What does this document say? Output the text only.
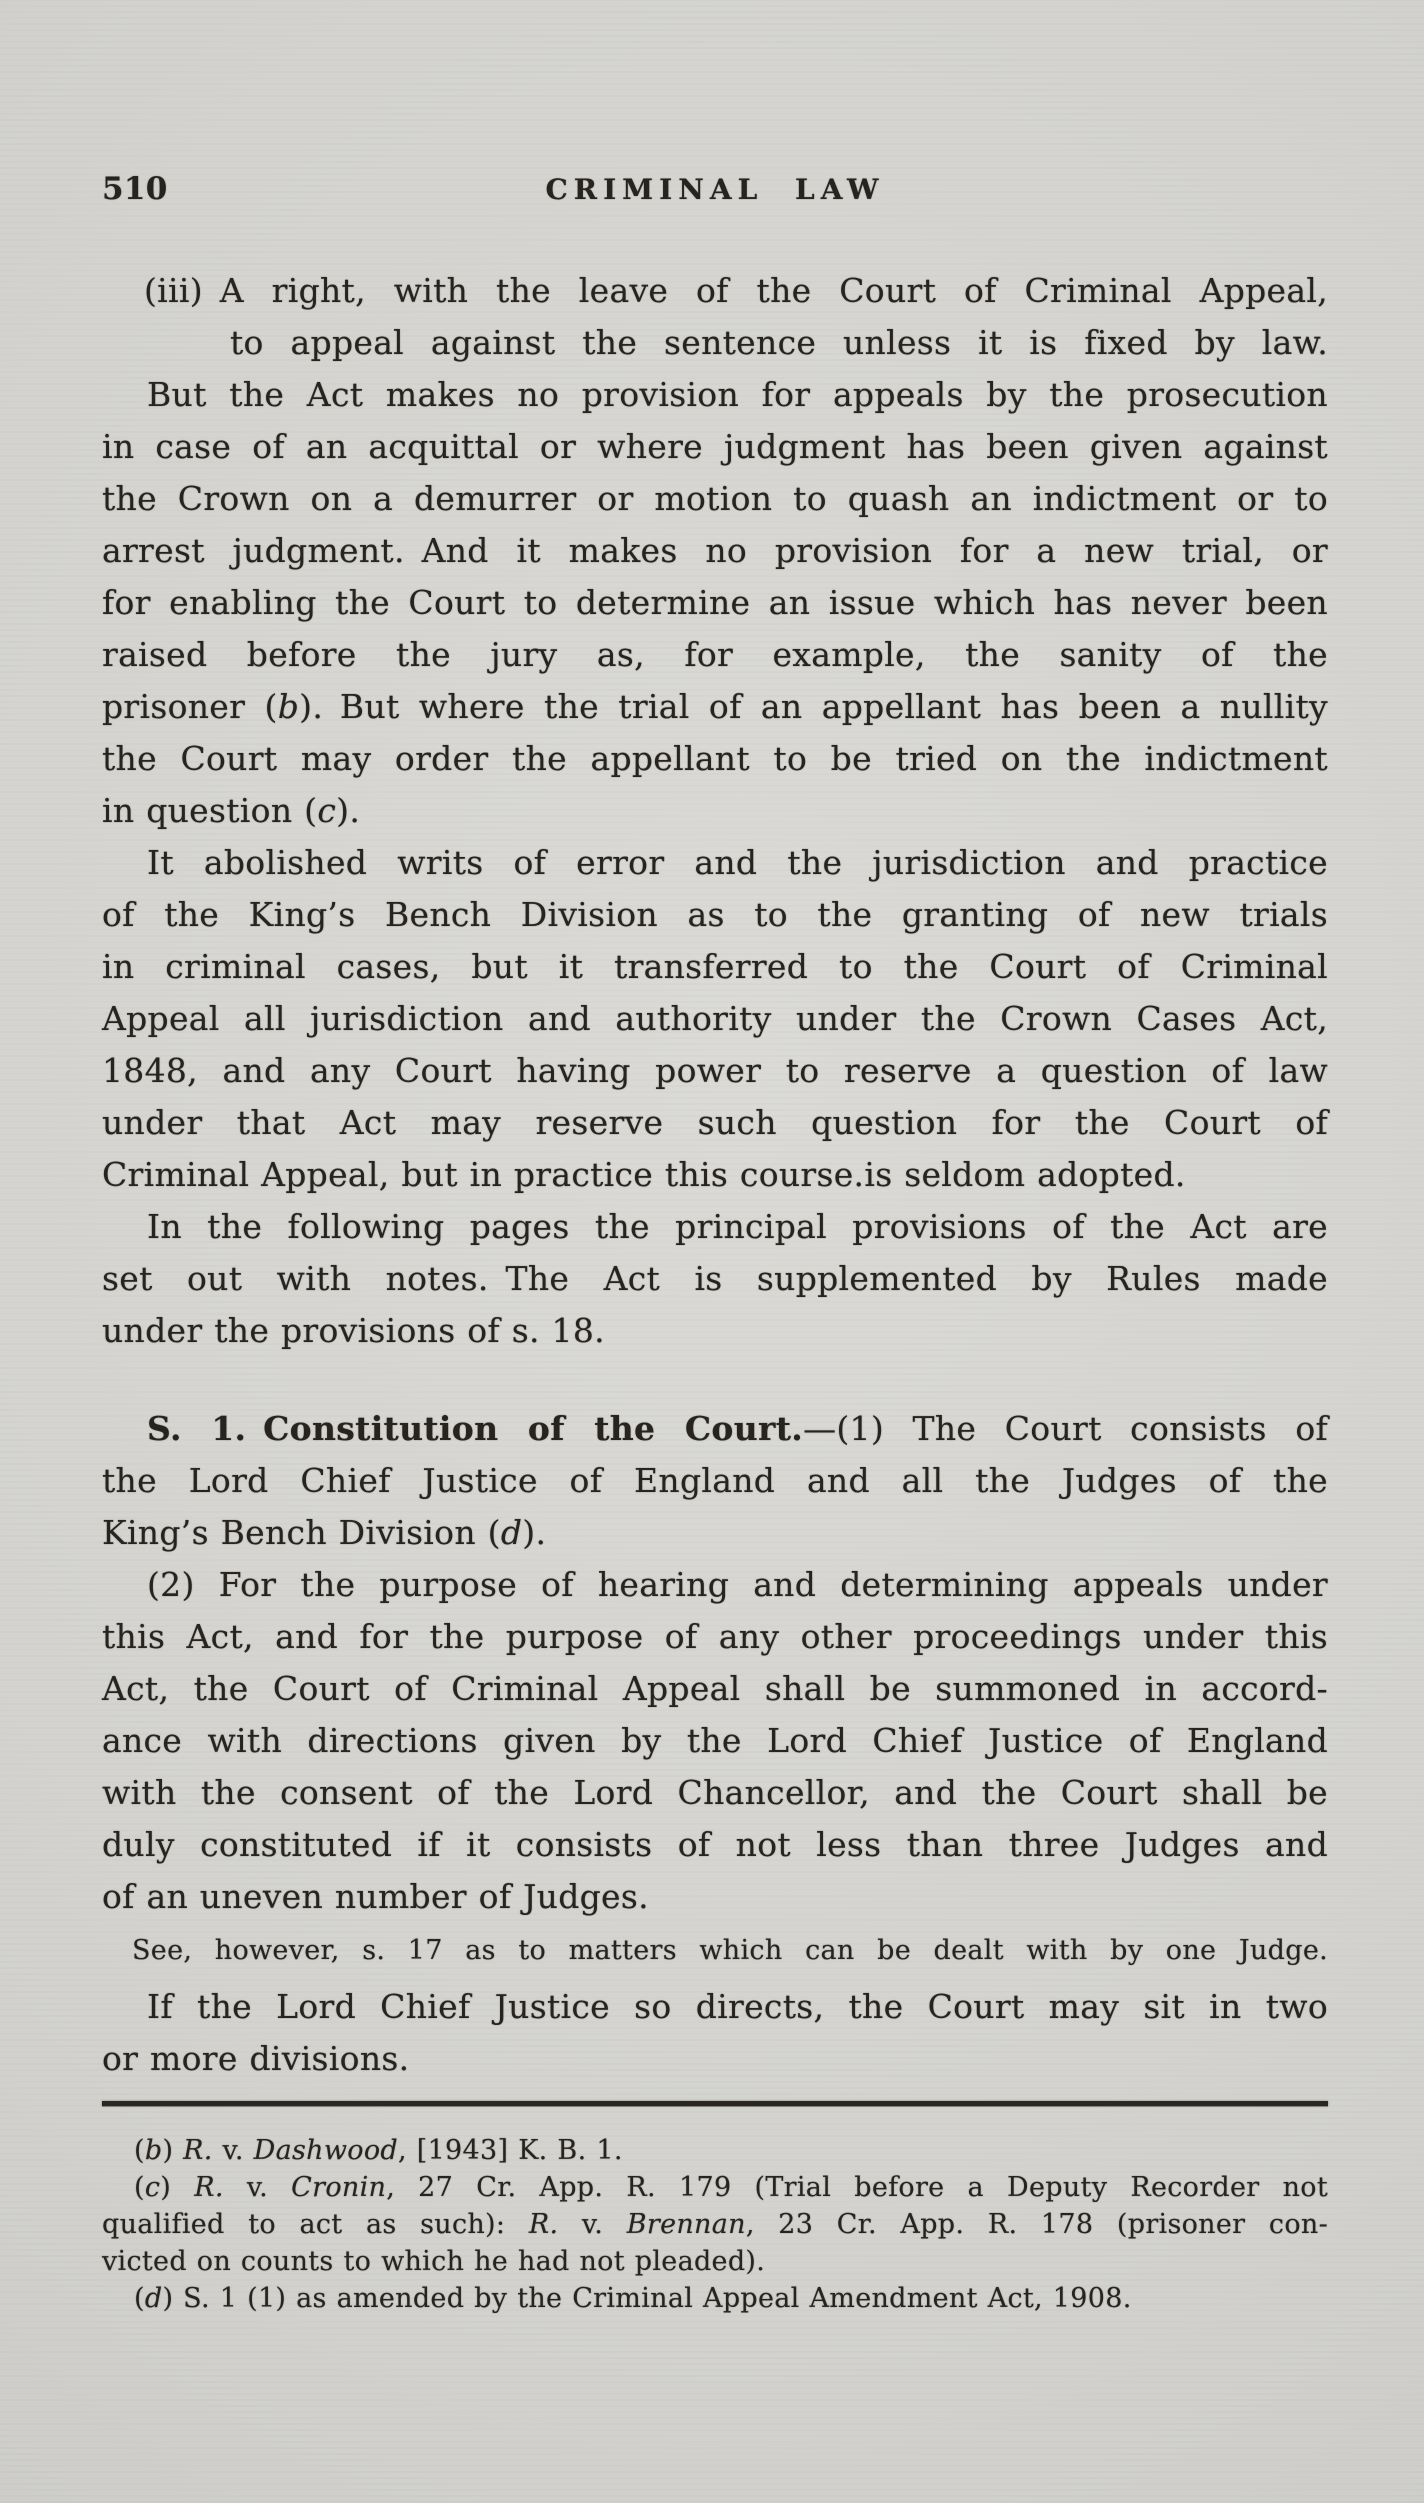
510	CRIMINAL LAW
(iii) A right, with the leave of the Court of Criminal Appeal,
to appeal against the sentence unless it is fixed by law.
But the Act makes no provision for appeals by the prosecution
in case of an acquittal or where judgment has been given against
the Crown on a demurrer or motion to quash an indictment or to
arrest judgment. And it makes no provision for a new trial, or
for enabling the Court to determine an issue which has never been
raised before the jury as, for example, the sanity of the
prisoner (b). But where the trial of an appellant has been a nullity
the Court may order the appellant to be tried on the indictment
in question (c).
It abolished writs of error and the jurisdiction and practice
of the King’s Bench Division as to the granting of new trials
in criminal cases, but it transferred to the Court of Criminal
Appeal all jurisdiction and authority under the Crown Cases Act,
1848, and any Court having power to reserve a question of law
under that Act may reserve such question for the Court of
Criminal Appeal, but in practice this course.is seldom adopted.
In the following pages the principal provisions of the Act are
set out with notes. The Act is supplemented by Rules made
under the provisions of s. 18.
S. 1. Constitution of the Court.—(1) The Court consists of
the Lord Chief Justice of England and all the Judges of the
King’s Bench Division (d).
(2) For the purpose of hearing and determining appeals under
this Act, and for the purpose of any other proceedings under this
Act, the Court of Criminal Appeal shall be summoned in accord-
ance with directions given by the Lord Chief Justice of England
with the consent of the Lord Chancellor, and the Court shall be
duly constituted if it consists of not less than three Judges and
of an uneven number of Judges.
See, however, s. 17 as to matters which can be dealt with by one Judge.
If the Lord Chief Justice so directs, the Court may sit in two
or more divisions.
(b) R. v. Dashwood, [1943] K. B. 1.
(c) R. v. Cronin, 27 Cr. App. R. 179 (Trial before a Deputy Recorder not
qualified to act as such): R. v. Brennan, 23 Cr. App. R. 178 (prisoner con-
victed on counts to which he had not pleaded).
(d) S. 1 (1) as amended by the Criminal Appeal Amendment Act, 1908.
